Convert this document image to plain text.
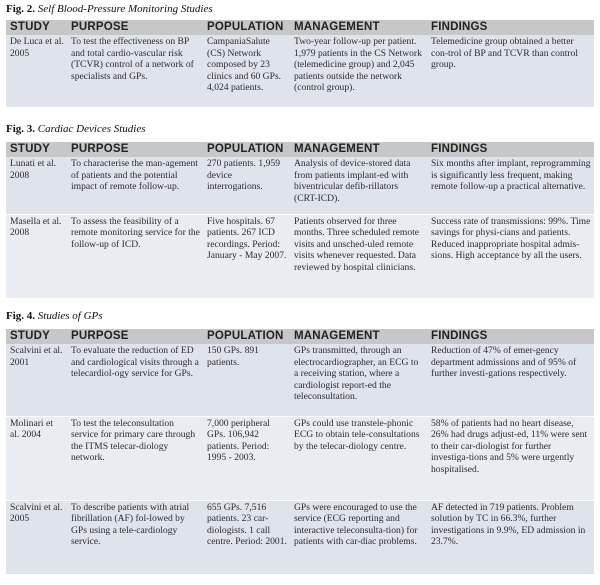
Fig. 2. Self Blood-Pressure Monitoring Studies
STUDY	PURPOSE	POPULATION	MANAGEMENT	FINDINGS
De Luca et al. 2005	To test the effectiveness on BP and total cardio-vascular risk (TCVR) control of a network of specialists and GPs.	CampaniaSalute (CS) Network composed by 23 clinics and 60 GPs. 4,024 patients.	Two-year follow-up per patient. 1,979 patients in the CS Network (telemedicine group) and 2,045 patients outside the network (control group).	Telemedicine group obtained a better con-trol of BP and TCVR than control group.
Fig. 3. Cardiac Devices Studies
STUDY	PURPOSE	POPULATION	MANAGEMENT	FINDINGS
Lunati et al. 2008	To characterise the man-agement of patients and the potential impact of remote follow-up.	270 patients. 1,959 device interrogations.	Analysis of device-stored data from patients implant-ed with biventricular defib-rillators (CRT-ICD).	Six months after implant, reprogramming is significantly less frequent, making remote follow-up a practical alternative.
Masella et al. 2008	To assess the feasibility of a remote monitoring service for the follow-up of ICD.	Five hospitals. 67 patients. 267 ICD recordings. Period: January - May 2007.	Patients observed for three months. Three scheduled remote visits and unsched-uled remote visits whenever requested. Data reviewed by hospital clinicians.	Success rate of transmissions: 99%. Time savings for physi-cians and patients. Reduced inappropriate hospital admis-sions. High acceptance by all the users.
Fig. 4. Studies of GPs
STUDY	PURPOSE	POPULATION	MANAGEMENT	FINDINGS
Scalvini et al. 2001	To evaluate the reduction of ED and cardiological visits through a telecardiol-ogy service for GPs.	150 GPs. 891 patients.	GPs transmitted, through an electrocardiographer, an ECG to a receiving station, where a cardiologist report-ed the teleconsultation.	Reduction of 47% of emer-gency department admissions and of 95% of further investi-gations respectively.
Molinari et al. 2004	To test the teleconsultation service for primary care through the ITMS telecar-diology network.	7,000 peripheral GPs. 106,942 patients. Period: 1995 - 2003.	GPs could use transtele-phonic ECG to obtain tele-consultations by the telecar-diology centre.	58% of patients had no heart disease, 26% had drugs adjust-ed, 11% were sent to their car-diologist for further investiga-tions and 5% were urgently hospitalised.
Scalvini et al. 2005	To describe patients with atrial fibrillation (AF) fol-lowed by GPs using a tele-cardiology service.	655 GPs. 7,516 patients. 23 car-diologists. 1 call centre. Period: 2001.	GPs were encouraged to use the service (ECG reporting and interactive teleconsulta-tion) for patients with car-diac problems.	AF detected in 719 patients. Problem solution by TC in 66.3%, further investigations in 9.9%, ED admission in 23.7%.
